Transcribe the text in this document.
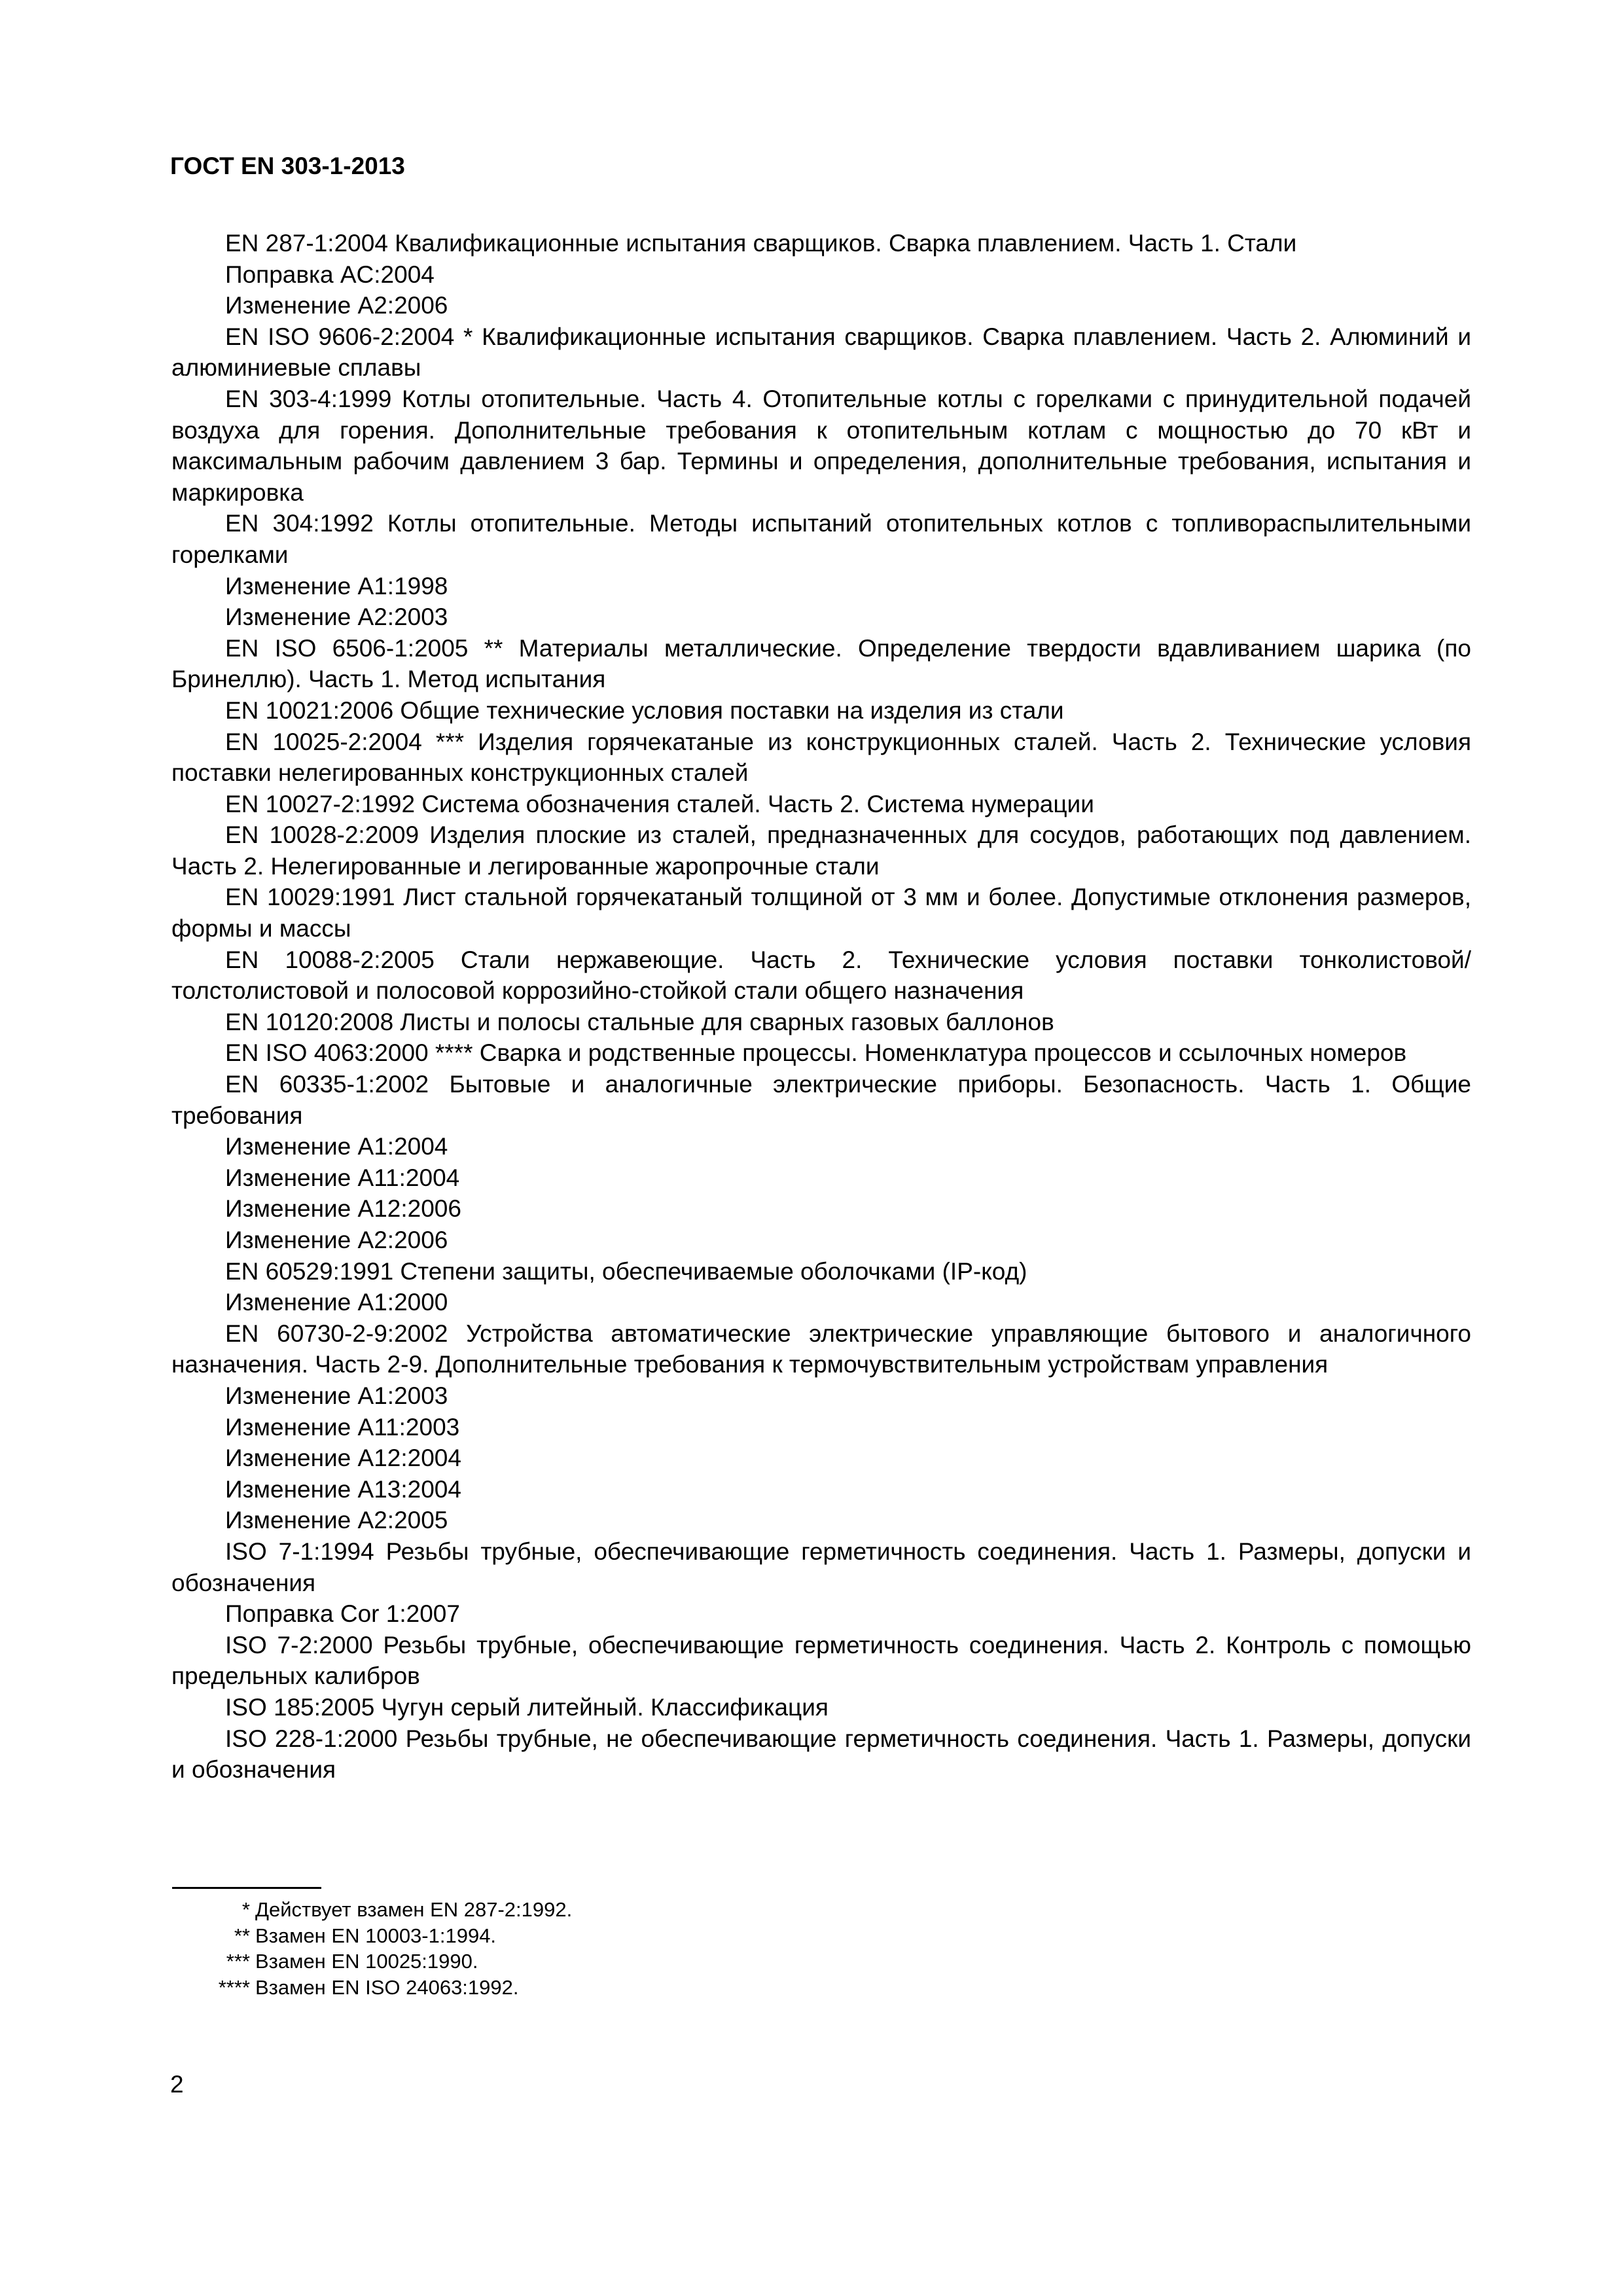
ГОСТ EN 303-1-2013

EN 287-1:2004 Квалификационные испытания сварщиков. Сварка плавлением. Часть 1. Стали

Поправка AC:2004

Изменение А2:2006

EN ISO 9606-2:2004 * Квалификационные испытания сварщиков. Сварка плавлением. Часть 2. Алюминий и алюминиевые сплавы

EN 303-4:1999 Котлы отопительные. Часть 4. Отопительные котлы с горелками с принудительной подачей воздуха для горения. Дополнительные требования к отопительным котлам с мощностью до 70 кВт и максимальным рабочим давлением 3 бар. Термины и определения, дополнительные требования, испытания и маркировка

EN 304:1992 Котлы отопительные. Методы испытаний отопительных котлов с топливораспылительными горелками

Изменение А1:1998

Изменение А2:2003

EN ISO 6506-1:2005 ** Материалы металлические. Определение твердости вдавливанием шарика (по Бринеллю). Часть 1. Метод испытания

EN 10021:2006 Общие технические условия поставки на изделия из стали

EN 10025-2:2004 *** Изделия горячекатаные из конструкционных сталей. Часть 2. Технические условия поставки нелегированных конструкционных сталей

EN 10027-2:1992 Система обозначения сталей. Часть 2. Система нумерации

EN 10028-2:2009 Изделия плоские из сталей, предназначенных для сосудов, работающих под давлением. Часть 2. Нелегированные и легированные жаропрочные стали

EN 10029:1991 Лист стальной горячекатаный толщиной от 3 мм и более. Допустимые отклонения размеров, формы и массы

EN 10088-2:2005 Стали нержавеющие. Часть 2. Технические условия поставки тонколистовой/ толстолистовой и полосовой коррозийно-стойкой стали общего назначения

EN 10120:2008 Листы и полосы стальные для сварных газовых баллонов

EN ISO 4063:2000 **** Сварка и родственные процессы. Номенклатура процессов и ссылочных номеров

EN 60335-1:2002 Бытовые и аналогичные электрические приборы. Безопасность. Часть 1. Общие требования

Изменение А1:2004

Изменение А11:2004

Изменение А12:2006

Изменение А2:2006

EN 60529:1991 Степени защиты, обеспечиваемые оболочками (IP-код)

Изменение А1:2000

EN 60730-2-9:2002 Устройства автоматические электрические управляющие бытового и аналогичного назначения. Часть 2-9. Дополнительные требования к термочувствительным устройствам управления

Изменение А1:2003

Изменение А11:2003

Изменение А12:2004

Изменение А13:2004

Изменение А2:2005

ISO 7-1:1994 Резьбы трубные, обеспечивающие герметичность соединения. Часть 1. Размеры, допуски и обозначения

Поправка Cor 1:2007

ISO 7-2:2000 Резьбы трубные, обеспечивающие герметичность соединения. Часть 2. Контроль с помощью предельных калибров

ISO 185:2005 Чугун серый литейный. Классификация

ISO 228-1:2000 Резьбы трубные, не обеспечивающие герметичность соединения. Часть 1. Размеры, допуски и обозначения

* Действует взамен EN 287-2:1992.
** Взамен EN 10003-1:1994.
*** Взамен EN 10025:1990.
**** Взамен EN ISO 24063:1992.
2
